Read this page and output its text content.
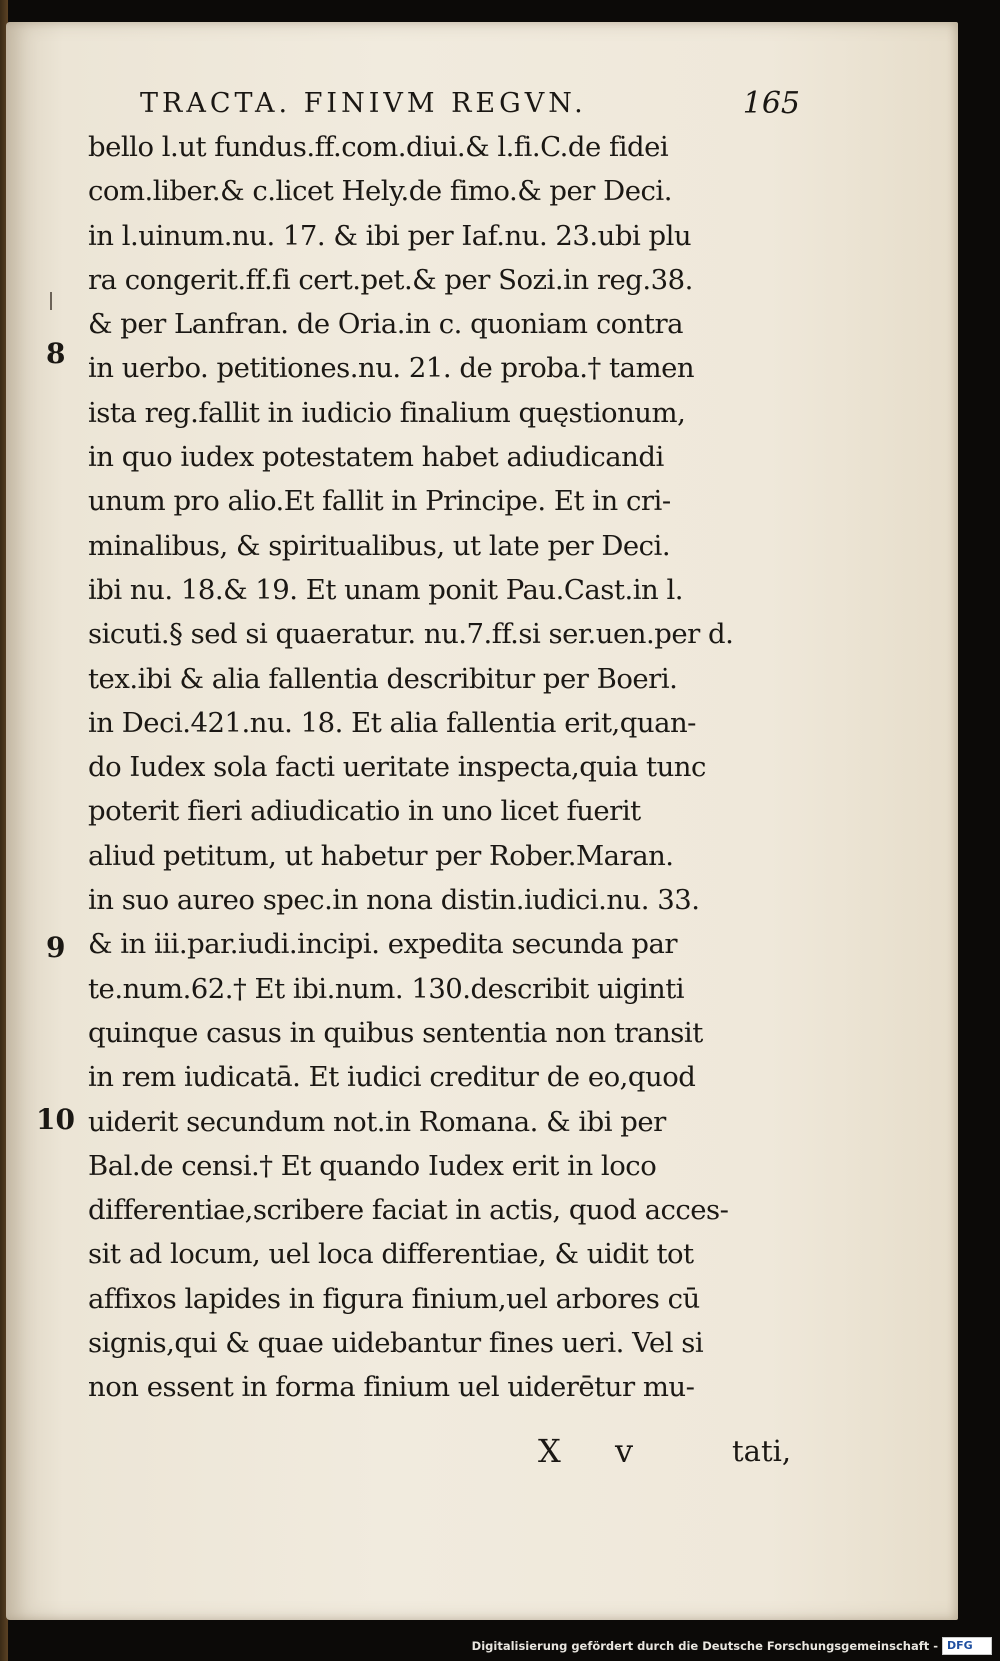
TRACTA. FINIVM REGVN.	165
8
9
10
bello l.ut fundus.ff.com.diui.& l.fi.C.de fidei
com.liber.& c.licet Hely.de fimo.& per Deci.
in l.uinum.nu. 17. & ibi per Iaf.nu. 23.ubi plu
ra congerit.ff.fi cert.pet.& per Sozi.in reg.38.
& per Lanfran. de Oria.in c. quoniam contra
in uerbo. petitiones.nu. 21. de proba.† tamen
ista reg.fallit in iudicio finalium quęstionum,
in quo iudex potestatem habet adiudicandi
unum pro alio.Et fallit in Principe. Et in cri-
minalibus, & spiritualibus, ut late per Deci.
ibi nu. 18.& 19. Et unam ponit Pau.Cast.in l.
sicuti.§ sed si quaeratur. nu.7.ff.si ser.uen.per d.
tex.ibi & alia fallentia describitur per Boeri.
in Deci.421.nu. 18. Et alia fallentia erit,quan-
do Iudex sola facti ueritate inspecta,quia tunc
poterit fieri adiudicatio in uno licet fuerit
aliud petitum, ut habetur per Rober.Maran.
in suo aureo spec.in nona distin.iudici.nu. 33.
& in iii.par.iudi.incipi. expedita secunda par
te.num.62.† Et ibi.num. 130.describit uiginti
quinque casus in quibus sententia non transit
in rem iudicatā. Et iudici creditur de eo,quod
uiderit secundum not.in Romana. & ibi per
Bal.de censi.† Et quando Iudex erit in loco
differentiae,scribere faciat in actis, quod acces-
sit ad locum, uel loca differentiae, & uidit tot
affixos lapides in figura finium,uel arbores cū
signis,qui & quae uidebantur fines ueri. Vel si
non essent in forma finium uel uiderētur mu-
X v	tati,
Digitalisierung gefördert durch die Deutsche Forschungsgemeinschaft - DFG
